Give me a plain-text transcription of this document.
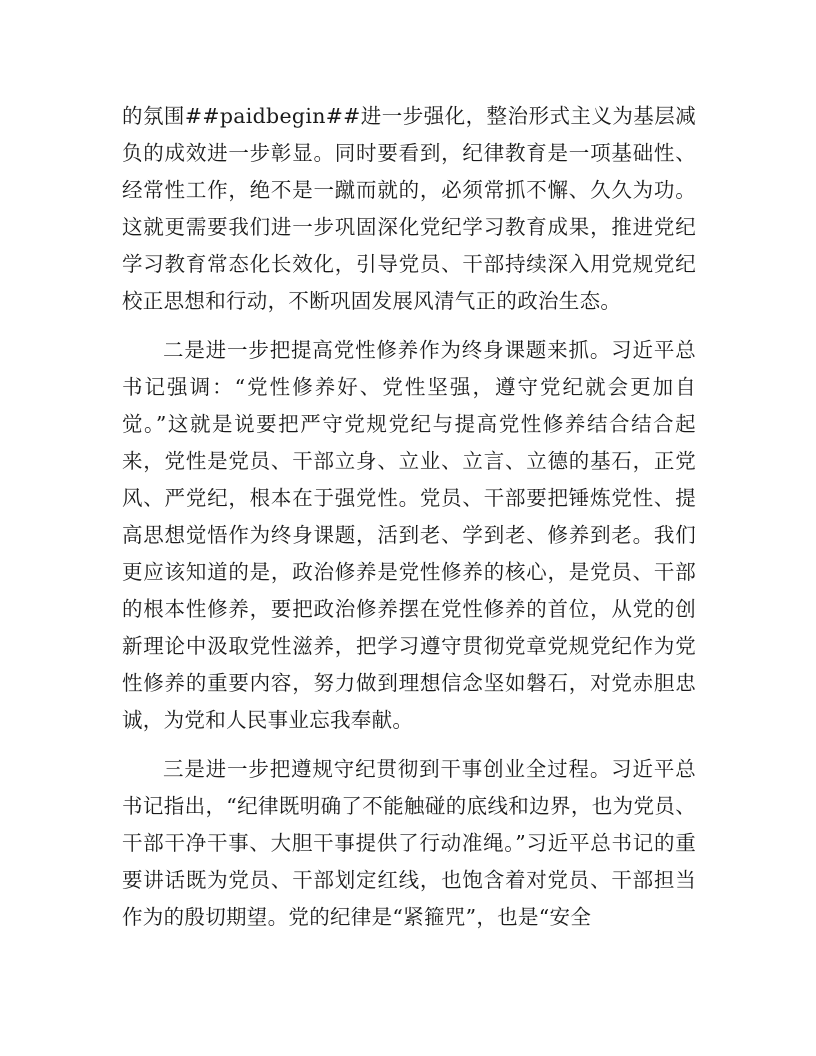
的氛围##paidbegin##进一步强化，整治形式主义为基层减负的成效进一步彰显。同时要看到，纪律教育是一项基础性、经常性工作，绝不是一蹴而就的，必须常抓不懈、久久为功。这就更需要我们进一步巩固深化党纪学习教育成果，推进党纪学习教育常态化长效化，引导党员、干部持续深入用党规党纪校正思想和行动，不断巩固发展风清气正的政治生态。

二是进一步把提高党性修养作为终身课题来抓。习近平总书记强调：“党性修养好、党性坚强，遵守党纪就会更加自觉。”这就是说要把严守党规党纪与提高党性修养结合结合起来，党性是党员、干部立身、立业、立言、立德的基石，正党风、严党纪，根本在于强党性。党员、干部要把锤炼党性、提高思想觉悟作为终身课题，活到老、学到老、修养到老。我们更应该知道的是，政治修养是党性修养的核心，是党员、干部的根本性修养，要把政治修养摆在党性修养的首位，从党的创新理论中汲取党性滋养，把学习遵守贯彻党章党规党纪作为党性修养的重要内容，努力做到理想信念坚如磐石，对党赤胆忠诚，为党和人民事业忘我奉献。

三是进一步把遵规守纪贯彻到干事创业全过程。习近平总书记指出，“纪律既明确了不能触碰的底线和边界，也为党员、干部干净干事、大胆干事提供了行动准绳。”习近平总书记的重要讲话既为党员、干部划定红线，也饱含着对党员、干部担当作为的殷切期望。党的纪律是“紧箍咒”，也是“安全
